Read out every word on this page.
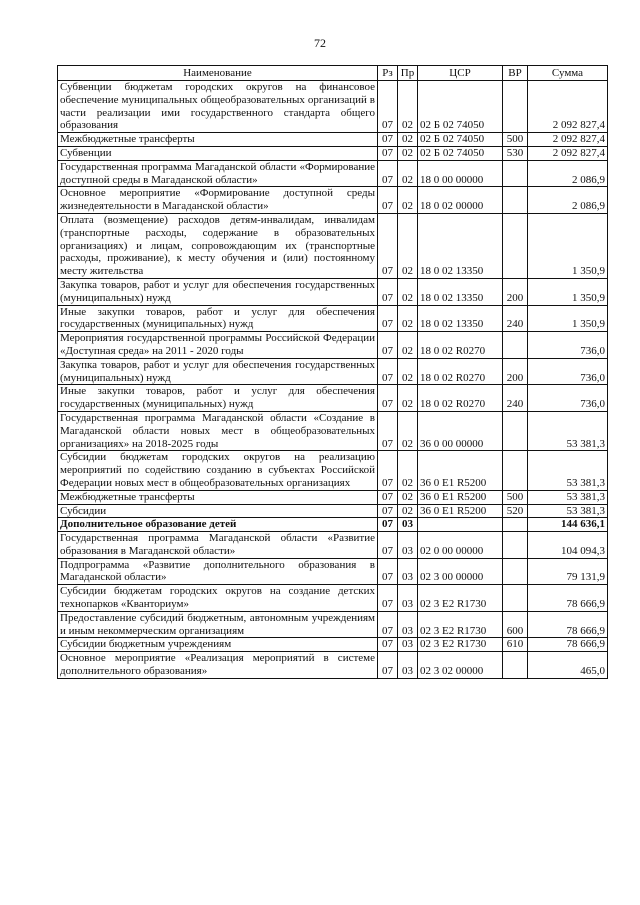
72
Наименование	Рз	Пр	ЦСР	ВР	Сумма
Субвенции бюджетам городских округов на финансовое обеспечение муниципальных общеобразовательных организаций в части реализации ими государственного стандарта общего образования	07	02	02 Б 02 74050		2 092 827,4
Межбюджетные трансферты	07	02	02 Б 02 74050	500	2 092 827,4
Субвенции	07	02	02 Б 02 74050	530	2 092 827,4
Государственная программа Магаданской области «Формирование доступной среды в Магаданской области»	07	02	18 0 00 00000		2 086,9
Основное мероприятие «Формирование доступной среды жизнедеятельности в Магаданской области»	07	02	18 0 02 00000		2 086,9
Оплата (возмещение) расходов детям-инвалидам, инвалидам (транспортные расходы, содержание в образовательных организациях) и лицам, сопровождающим их (транспортные расходы, проживание), к месту обучения и (или) постоянному месту жительства	07	02	18 0 02 13350		1 350,9
Закупка товаров, работ и услуг для обеспечения государственных (муниципальных) нужд	07	02	18 0 02 13350	200	1 350,9
Иные закупки товаров, работ и услуг для обеспечения государственных (муниципальных) нужд	07	02	18 0 02 13350	240	1 350,9
Мероприятия государственной программы Российской Федерации «Доступная среда» на 2011 - 2020 годы	07	02	18 0 02 R0270		736,0
Закупка товаров, работ и услуг для обеспечения государственных (муниципальных) нужд	07	02	18 0 02 R0270	200	736,0
Иные закупки товаров, работ и услуг для обеспечения государственных (муниципальных) нужд	07	02	18 0 02 R0270	240	736,0
Государственная программа Магаданской области «Создание в Магаданской области новых мест в общеобразовательных организациях» на 2018-2025 годы	07	02	36 0 00 00000		53 381,3
Субсидии бюджетам городских округов на реализацию мероприятий по содействию созданию в субъектах Российской Федерации новых мест в общеобразовательных организациях	07	02	36 0 E1 R5200		53 381,3
Межбюджетные трансферты	07	02	36 0 E1 R5200	500	53 381,3
Субсидии	07	02	36 0 E1 R5200	520	53 381,3
Дополнительное образование детей	07	03			144 636,1
Государственная программа Магаданской области «Развитие образования в Магаданской области»	07	03	02 0 00 00000		104 094,3
Подпрограмма «Развитие дополнительного образования в Магаданской области»	07	03	02 3 00 00000		79 131,9
Субсидии бюджетам городских округов на создание детских технопарков «Кванториум»	07	03	02 3 E2 R1730		78 666,9
Предоставление субсидий бюджетным, автономным учреждениям и иным некоммерческим организациям	07	03	02 3 E2 R1730	600	78 666,9
Субсидии бюджетным учреждениям	07	03	02 3 E2 R1730	610	78 666,9
Основное мероприятие «Реализация мероприятий в системе дополнительного образования»	07	03	02 3 02 00000		465,0
